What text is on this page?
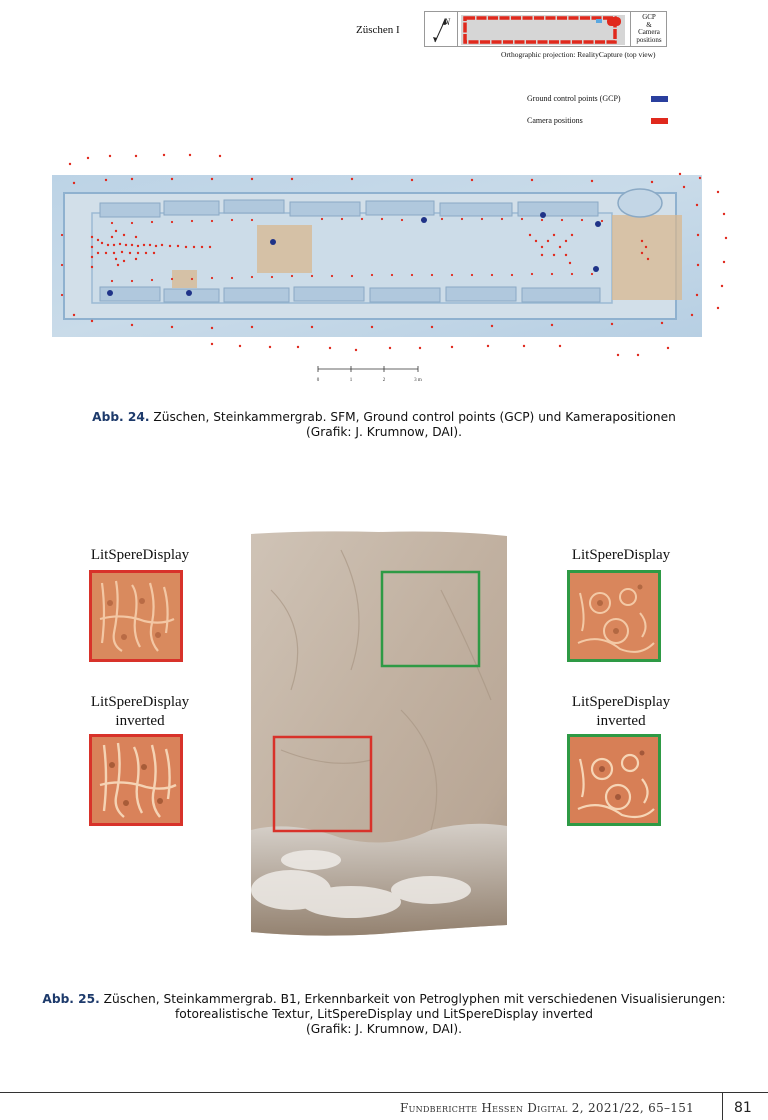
Züschen I
N	GCP
&
Camera
positions
Orthographic projection: RealityCapture (top view)
Ground control points (GCP)
Camera positions
0	1	2	3 m
Abb. 24. Züschen, Steinkammergrab. SFM, Ground control points (GCP) und Kamerapositionen
(Grafik: J. Krumnow, DAI).
LitSpereDisplay	LitSpereDisplay
LitSpereDisplay
inverted
LitSpereDisplay
inverted
Abb. 25. Züschen, Steinkammergrab. B1, Erkennbarkeit von Petroglyphen mit verschiedenen Visualisierungen:
fotorealistische Textur, LitSpereDisplay und LitSpereDisplay inverted
(Grafik: J. Krumnow, DAI).
Fundberichte Hessen Digital 2, 2021/22, 65–151	81
